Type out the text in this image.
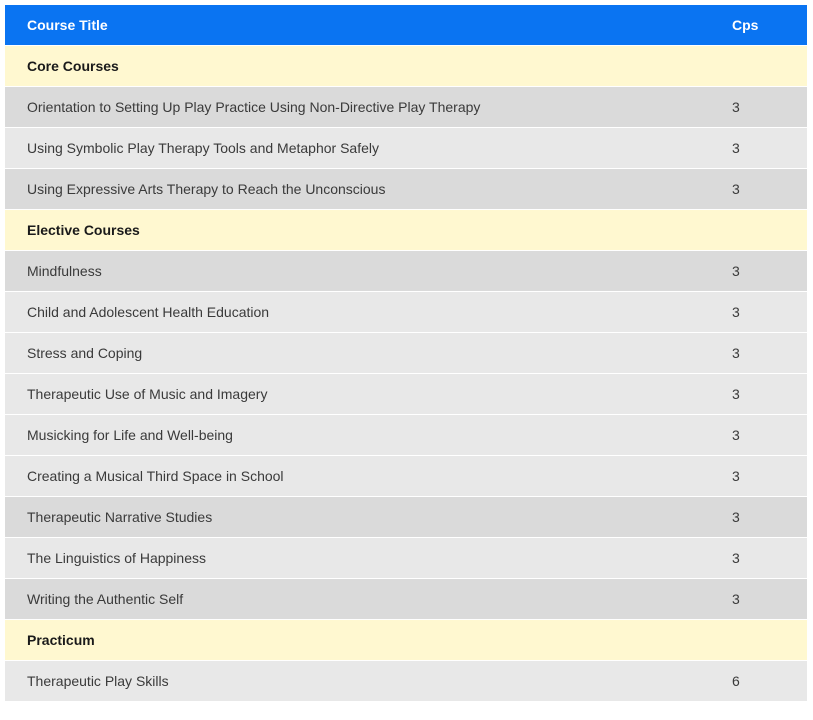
Course Title	Cps
Core Courses	
Orientation to Setting Up Play Practice Using Non-Directive Play Therapy	3
Using Symbolic Play Therapy Tools and Metaphor Safely	3
Using Expressive Arts Therapy to Reach the Unconscious	3
Elective Courses	
Mindfulness	3
Child and Adolescent Health Education	3
Stress and Coping	3
Therapeutic Use of Music and Imagery	3
Musicking for Life and Well-being	3
Creating a Musical Third Space in School	3
Therapeutic Narrative Studies	3
The Linguistics of Happiness	3
Writing the Authentic Self	3
Practicum	
Therapeutic Play Skills	6
